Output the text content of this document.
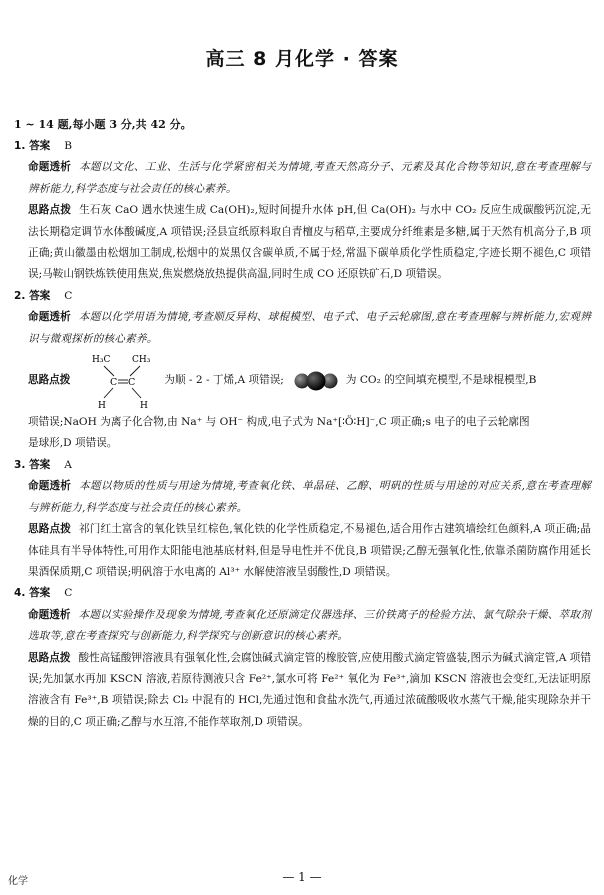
高三 8 月化学 · 答案
1 ~ 14 题,每小题 3 分,共 42 分。
1. 答案 B

命题透析 本题以文化、工业、生活与化学紧密相关为情境,考查天然高分子、元素及其化合物等知识,意在考查理解与辨析能力,科学态度与社会责任的核心素养。

思路点拨 生石灰 CaO 遇水快速生成 Ca(OH)₂,短时间提升水体 pH,但 Ca(OH)₂ 与水中 CO₂ 反应生成碳酸钙沉淀,无法长期稳定调节水体酸碱度,A 项错误;泾县宣纸原料取自青檀皮与稻草,主要成分纤维素是多糖,属于天然有机高分子,B 项正确;黄山徽墨由松烟加工制成,松烟中的炭黑仅含碳单质,不属于烃,常温下碳单质化学性质稳定,字迹长期不褪色,C 项错误;马鞍山钢铁炼铁使用焦炭,焦炭燃烧放热提供高温,同时生成 CO 还原铁矿石,D 项错误。

2. 答案 C

命题透析 本题以化学用语为情境,考查顺反异构、球棍模型、电子式、电子云轮廓图,意在考查理解与辨析能力,宏观辨识与微观探析的核心素养。

思路点拨
H₃C CH₃
C C
H	H
为顺 - 2 - 丁烯,A 项错误;	为 CO₂ 的空间填充模型,不是球棍模型,B

项错误;NaOH 为离子化合物,由 Na⁺ 与 OH⁻ 构成,电子式为 Na⁺[∶Ö∶H]⁻,C 项正确;s 电子的电子云轮廓图

是球形,D 项错误。

3. 答案 A

命题透析 本题以物质的性质与用途为情境,考查氧化铁、单晶硅、乙醇、明矾的性质与用途的对应关系,意在考查理解与辨析能力,科学态度与社会责任的核心素养。

思路点拨 祁门红土富含的氧化铁呈红棕色,氧化铁的化学性质稳定,不易褪色,适合用作古建筑墙绘红色颜料,A 项正确;晶体硅具有半导体特性,可用作太阳能电池基底材料,但是导电性并不优良,B 项错误;乙醇无强氧化性,依靠杀菌防腐作用延长果酒保质期,C 项错误;明矾溶于水电离的 Al³⁺ 水解使溶液呈弱酸性,D 项错误。

4. 答案 C

命题透析 本题以实验操作及现象为情境,考查氧化还原滴定仪器选择、三价铁离子的检验方法、氯气除杂干燥、萃取剂选取等,意在考查探究与创新能力,科学探究与创新意识的核心素养。

思路点拨 酸性高锰酸钾溶液具有强氧化性,会腐蚀碱式滴定管的橡胶管,应使用酸式滴定管盛装,图示为碱式滴定管,A 项错误;先加氯水再加 KSCN 溶液,若原待测液只含 Fe²⁺,氯水可将 Fe²⁺ 氧化为 Fe³⁺,滴加 KSCN 溶液也会变红,无法证明原溶液含有 Fe³⁺,B 项错误;除去 Cl₂ 中混有的 HCl,先通过饱和食盐水洗气,再通过浓硫酸吸收水蒸气干燥,能实现除杂并干燥的目的,C 项正确;乙醇与水互溶,不能作萃取剂,D 项错误。

化学	— 1 —
